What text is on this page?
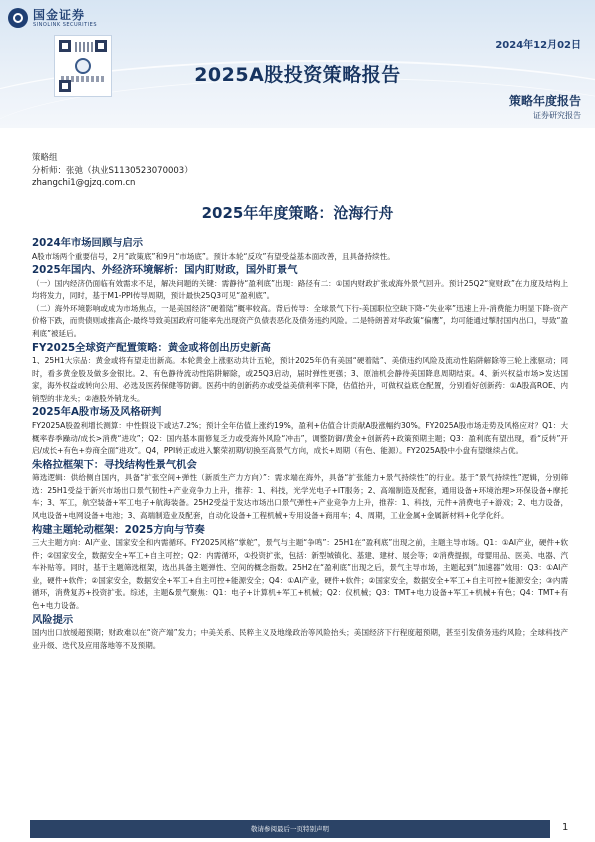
国金证券
SINOLINK SECURITIES
2024年12月02日
2025A股投资策略报告
策略年度报告
证券研究报告
策略组
分析师：张弛（执业S1130523070003）
zhangchi1@gjzq.com.cn
2025年年度策略：沧海行舟
2024年市场回顾与启示

A股市场两个重要信号，2月“政策底”和9月“市场底”。预计本轮“反攻”有望受益基本面改善，且具备持续性。

2025年国内、外经济环境解析：国内盯财政，国外盯景气

（一）国内经济仍面临有效需求不足，解决问题的关键：需静待“盈利底”出现：路径有二：①国内财政扩张或海外景气回升。预计25Q2“宽财政”在力度及结构上均将发力，同时，基于M1-PPI传导周期，预计最快25Q3可见“盈利底”。

（二）海外环境影响或成为市场焦点，一是美国经济“硬着陆”概率较高。背后传导：全球景气下行-美国职位空缺下降-“失业率”迅速上升-消费能力明显下降-资产价格下跌，而贵债则或推高企-最终导致美国政府可能率先出现资产负债表恶化及债务违约风险。二是特朗普对华政策“偏鹰”，均可能通过掣肘国内出口，导致“盈利底”被延后。

FY2025全球资产配置策略：黄金或将创出历史新高

1、25H1大宗品：黄金或将有望走出新高。本轮黄金上涨驱动共计五轮，预计2025年仍有美国“硬着陆”、美债违约风险及流动性陷阱解除等三轮上涨驱动；同时，看多黄金股及做多金银比。2、有色静待流动性陷阱解除，或25Q3启动，届时弹性更强；3、原油机会静待美国降息周期结束。4、新兴权益市场>发达国家，海外权益或转向公用、必选及医药保健等防御。医药中的创新药亦或受益美债利率下降，估值抬升，可做权益底仓配置，分别看好创新药：①A股高ROE、内销型的非龙头；②港股外销龙头。

2025年A股市场及风格研判

FY2025A股盈利增长测算：中性假设下或达7.2%；预计全年估值上涨约19%，盈利+估值合计贡献A股涨幅约30%。FY2025A股市场走势及风格应对？Q1：大概率春季躁动/成长>消费“进攻”；Q2：国内基本面修复乏力或受海外风险“冲击”，调整防御/黄金+创新药+政策预期主题；Q3：盈利底有望出现，看“反转”开启/成长+有色+券商全面“进攻”。Q4，PPI转正或进入繁荣初期/切换至高景气方向，成长+周期（有色、能源）。FY2025A股中小盘有望继续占优。

朱格拉框架下：寻找结构性景气机会

筛选逻辑：供给侧自国内，具备“扩张空间+弹性（新质生产力方向）”：需求端在海外，具备“扩张能力+景气持续性”的行业。基于“景气持续性”逻辑，分别筛选：25H1受益于新兴市场出口景气韧性+产业竞争力上升，推荐：1、科技，光学光电子+IT服务；2、高端制造及配套，通用设备+环境治理>环保设备+摩托车；3、军工，航空装备+军工电子+航海装备。25H2受益于发达市场出口景气弹性+产业竞争力上升，推荐：1、科技，元件+消费电子+游戏；2、电力设备，风电设备+电网设备+电池；3、高端制造业及配套，自动化设备+工程机械+专用设备+商用车；4、周期，工业金属+金属新材料+化学化纤。

构建主题轮动框架：2025方向与节奏

三大主题方向：AI产业、国家安全和内需循环。FY2025风格“掌舵”，景气与主题“争鸣”：25H1在“盈利底”出现之前，主题主导市场。Q1：①AI产业，硬件+软件；②国家安全，数据安全+军工+自主可控；Q2：内需循环，①投资扩张，包括：新型城镇化、基建、建材、展会等；②消费提振，母婴用品、医美、电器、汽车补贴等。同时，基于主题筛选框架，选出具备主题弹性、空间的概念指数。25H2在“盈利底”出现之后，景气主导市场，主题起到“加速器”效用：Q3：①AI产业，硬件+软件；②国家安全，数据安全+军工+自主可控+能源安全；Q4：①AI产业，硬件+软件；②国家安全，数据安全+军工+自主可控+能源安全；③内需循环，消费复苏+投资扩张。综述，主题&景气聚焦：Q1：电子+计算机+军工+机械；Q2：仪机械；Q3：TMT+电力设备+军工+机械+有色；Q4：TMT+有色+电力设备。

风险提示

国内出口放缓超预期；财政难以在“资产端”发力；中美关系、民粹主义及地缘政治等风险抬头；美国经济下行程度超预期，甚至引发债务违约风险；全球科技产业升级、迭代及应用落地等不及预期。

敬请参阅最后一页特别声明	1
